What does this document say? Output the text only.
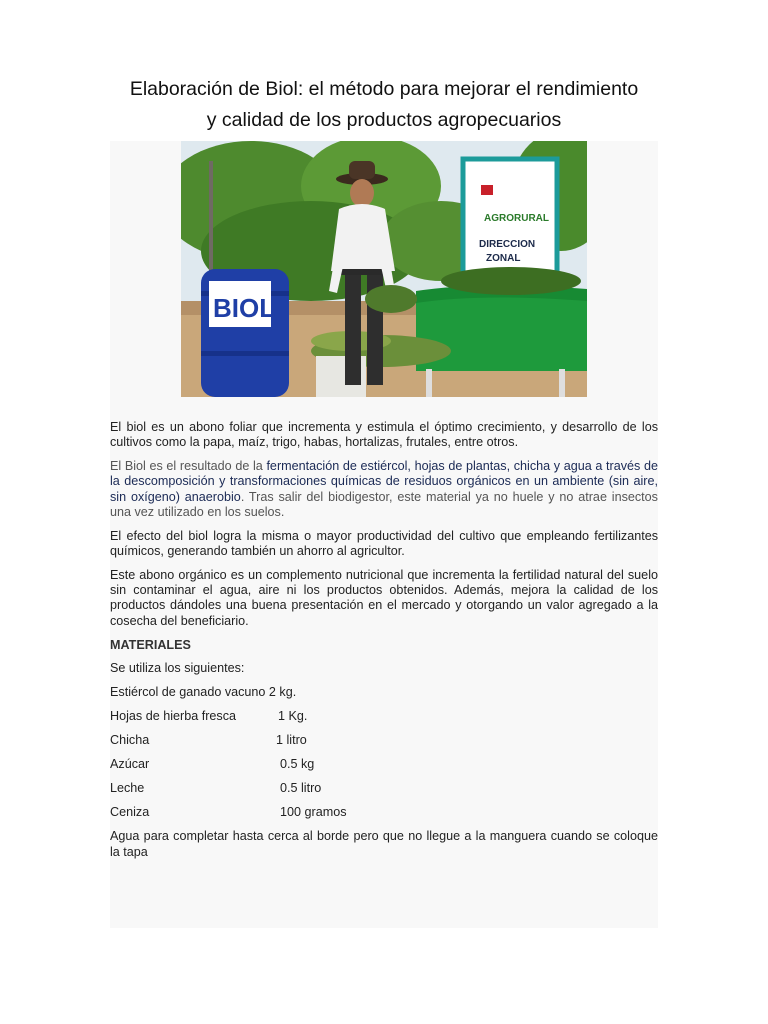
Elaboración de Biol: el método para mejorar el rendimiento
y calidad de los productos agropecuarios
AGRORURAL
DIRECCION
ZONAL
BIOL

El biol es un abono foliar que incrementa y estimula el óptimo crecimiento, y desarrollo de los cultivos como la papa, maíz, trigo, habas, hortalizas, frutales, entre otros.

El Biol es el resultado de la fermentación de estiércol, hojas de plantas, chicha y agua a través de la descomposición y transformaciones químicas de residuos orgánicos en un ambiente (sin aire, sin oxígeno) anaerobio. Tras salir del biodigestor, este material ya no huele y no atrae insectos una vez utilizado en los suelos.

El efecto del biol logra la misma o mayor productividad del cultivo que empleando fertilizantes químicos, generando también un ahorro al agricultor.

Este abono orgánico es un complemento nutricional que incrementa la fertilidad natural del suelo sin contaminar el agua, aire ni los productos obtenidos. Además, mejora la calidad de los productos dándoles una buena presentación en el mercado y otorgando un valor agregado a la cosecha del beneficiario.

MATERIALES
Se utiliza los siguientes:
Estiércol de ganado vacuno 2 kg.
Hojas de hierba fresca	1 Kg.
Chicha	1 litro
Azúcar	0.5 kg
Leche	0.5 litro
Ceniza	100 gramos

Agua para completar hasta cerca al borde pero que no llegue a la manguera cuando se coloque la tapa
